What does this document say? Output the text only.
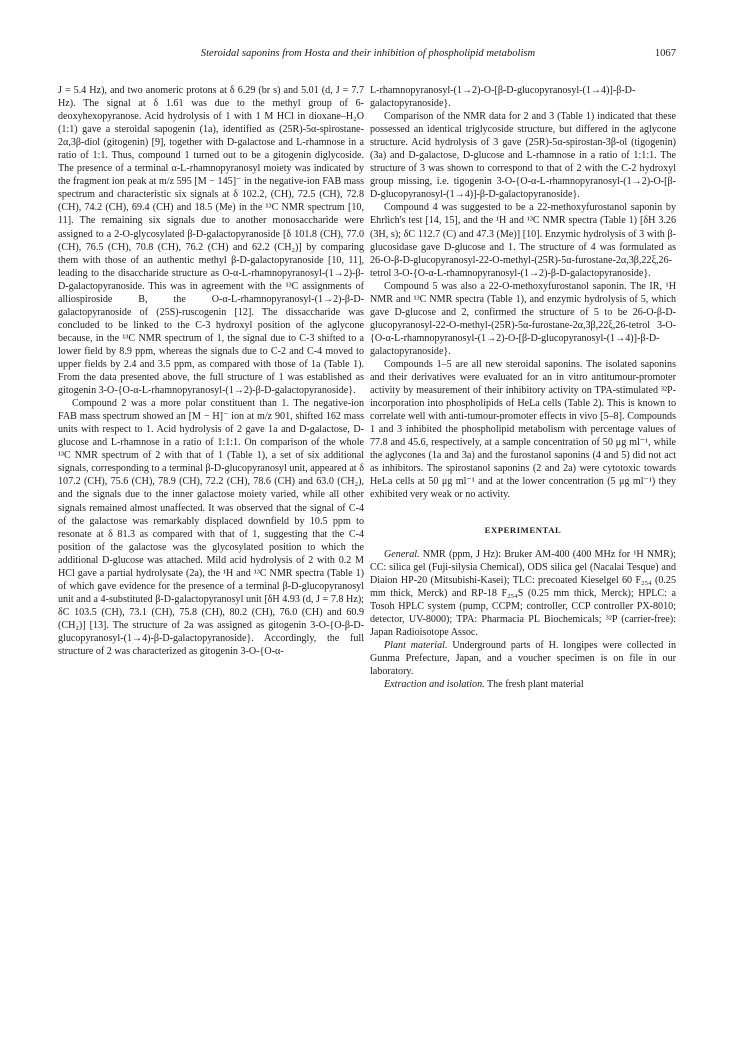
Steroidal saponins from Hosta and their inhibition of phospholipid metabolism	1067

J = 5.4 Hz), and two anomeric protons at δ 6.29 (br s) and 5.01 (d, J = 7.7 Hz). The signal at δ 1.61 was due to the methyl group of 6-deoxyhexopyranose. Acid hydrolysis of 1 with 1 M HCl in dioxane–H₂O (1:1) gave a steroidal sapogenin (1a), identified as (25R)-5α-spirostane-2α,3β-diol (gitogenin) [9], together with D-galactose and L-rhamnose in a ratio of 1:1. Thus, compound 1 turned out to be a gitogenin diglycoside. The presence of a terminal α-L-rhamnopyranosyl moiety was indicated by the fragment ion peak at m/z 595 [M − 145]⁻ in the negative-ion FAB mass spectrum and characteristic six signals at δ 102.2, (CH), 72.5 (CH), 72.8 (CH), 74.2 (CH), 69.4 (CH) and 18.5 (Me) in the ¹³C NMR spectrum [10, 11]. The remaining six signals due to another monosaccharide were assigned to a 2-O-glycosylated β-D-galactopyranoside [δ 101.8 (CH), 77.0 (CH), 76.5 (CH), 70.8 (CH), 76.2 (CH) and 62.2 (CH₂)] by comparing them with those of an authentic methyl β-D-galactopyranoside [10, 11], leading to the disaccharide structure as O-α-L-rhamnopyranosyl-(1→2)-β-D-galactopyranoside. This was in agreement with the ¹³C assignments of alliospiroside B, the O-α-L-rhamnopyranosyl-(1→2)-β-D-galactopyranoside of (25S)-ruscogenin [12]. The dissaccharide was concluded to be linked to the C-3 hydroxyl position of the aglycone because, in the ¹³C NMR spectrum of 1, the signal due to C-3 shifted to a lower field by 8.9 ppm, whereas the signals due to C-2 and C-4 moved to upper fields by 2.4 and 3.5 ppm, as compared with those of 1a (Table 1). From the data presented above, the full structure of 1 was established as gitogenin 3-O-{O-α-L-rhamnopyranosyl-(1→2)-β-D-galactopyranoside}.

Compound 2 was a more polar constituent than 1. The negative-ion FAB mass spectrum showed an [M − H]⁻ ion at m/z 901, shifted 162 mass units with respect to 1. Acid hydrolysis of 2 gave 1a and D-galactose, D-glucose and L-rhamnose in a ratio of 1:1:1. On comparison of the whole ¹³C NMR spectrum of 2 with that of 1 (Table 1), a set of six additional signals, corresponding to a terminal β-D-glucopyranosyl unit, appeared at δ 107.2 (CH), 75.6 (CH), 78.9 (CH), 72.2 (CH), 78.6 (CH) and 63.0 (CH₂), and the signals due to the inner galactose moiety varied, while all other signals remained almost unaffected. It was observed that the signal of C-4 of the galactose was remarkably displaced downfield by 10.5 ppm to resonate at δ 81.3 as compared with that of 1, suggesting that the C-4 position of the galactose was the glycosylated position to which the additional D-glucose was attached. Mild acid hydrolysis of 2 with 0.2 M HCl gave a partial hydrolysate (2a), the ¹H and ¹³C NMR spectra (Table 1) of which gave evidence for the presence of a terminal β-D-glucopyranosyl unit and a 4-substituted β-D-galactopyranosyl unit [δH 4.93 (d, J = 7.8 Hz); δC 103.5 (CH), 73.1 (CH), 75.8 (CH), 80.2 (CH), 76.0 (CH) and 60.9 (CH₂)] [13]. The structure of 2a was assigned as gitogenin 3-O-{O-β-D-glucopyranosyl-(1→4)-β-D-galactopyranoside}. Accordingly, the full structure of 2 was characterized as gitogenin 3-O-{O-α-

L-rhamnopyranosyl-(1→2)-O-[β-D-glucopyranosyl-(1→4)]-β-D-galactopyranoside}.

Comparison of the NMR data for 2 and 3 (Table 1) indicated that these possessed an identical triglycoside structure, but differed in the aglycone structure. Acid hydrolysis of 3 gave (25R)-5α-spirostan-3β-ol (tigogenin) (3a) and D-galactose, D-glucose and L-rhamnose in a ratio of 1:1:1. The structure of 3 was shown to correspond to that of 2 with the C-2 hydroxyl group missing, i.e. tigogenin 3-O-{O-α-L-rhamnopyranosyl-(1→2)-O-[β-D-glucopyranosyl-(1→4)]-β-D-galactopyranoside}.

Compound 4 was suggested to be a 22-methoxyfurostanol saponin by Ehrlich's test [14, 15], and the ¹H and ¹³C NMR spectra (Table 1) [δH 3.26 (3H, s); δC 112.7 (C) and 47.3 (Me)] [10]. Enzymic hydrolysis of 3 with β-glucosidase gave D-glucose and 1. The structure of 4 was formulated as 26-O-β-D-glucopyranosyl-22-O-methyl-(25R)-5α-furostane-2α,3β,22ξ,26-tetrol 3-O-{O-α-L-rhamnopyranosyl-(1→2)-β-D-galactopyranoside}.

Compound 5 was also a 22-O-methoxyfurostanol saponin. The IR, ¹H NMR and ¹³C NMR spectra (Table 1), and enzymic hydrolysis of 5, which gave D-glucose and 2, confirmed the structure of 5 to be 26-O-β-D-glucopyranosyl-22-O-methyl-(25R)-5α-furostane-2α,3β,22ξ,26-tetrol 3-O-{O-α-L-rhamnopyranosyl-(1→2)-O-[β-D-glucopyranosyl-(1→4)]-β-D-galactopyranoside}.

Compounds 1–5 are all new steroidal saponins. The isolated saponins and their derivatives were evaluated for an in vitro antitumour-promoter activity by measurement of their inhibitory activity on TPA-stimulated ³²P-incorporation into phospholipids of HeLa cells (Table 2). This is known to correlate well with anti-tumour-promoter effects in vivo [5–8]. Compounds 1 and 3 inhibited the phospholipid metabolism with percentage values of 77.8 and 45.6, respectively, at a sample concentration of 50 μg ml⁻¹, while the aglycones (1a and 3a) and the furostanol saponins (4 and 5) did not act as inhibitors. The spirostanol saponins (2 and 2a) were cytotoxic towards HeLa cells at 50 μg ml⁻¹ and at the lower concentration (5 μg ml⁻¹) they exhibited very weak or no activity.

EXPERIMENTAL

General. NMR (ppm, J Hz): Bruker AM-400 (400 MHz for ¹H NMR); CC: silica gel (Fuji-silysia Chemical), ODS silica gel (Nacalai Tesque) and Diaion HP-20 (Mitsubishi-Kasei); TLC: precoated Kieselgel 60 F₂₅₄ (0.25 mm thick, Merck) and RP-18 F₂₅₄S (0.25 mm thick, Merck); HPLC: a Tosoh HPLC system (pump, CCPM; controller, CCP controller PX-8010; detector, UV-8000); TPA: Pharmacia PL Biochemicals; ³²P (carrier-free): Japan Radioisotope Assoc.

Plant material. Underground parts of H. longipes were collected in Gunma Prefecture, Japan, and a voucher specimen is on file in our laboratory.

Extraction and isolation. The fresh plant material
